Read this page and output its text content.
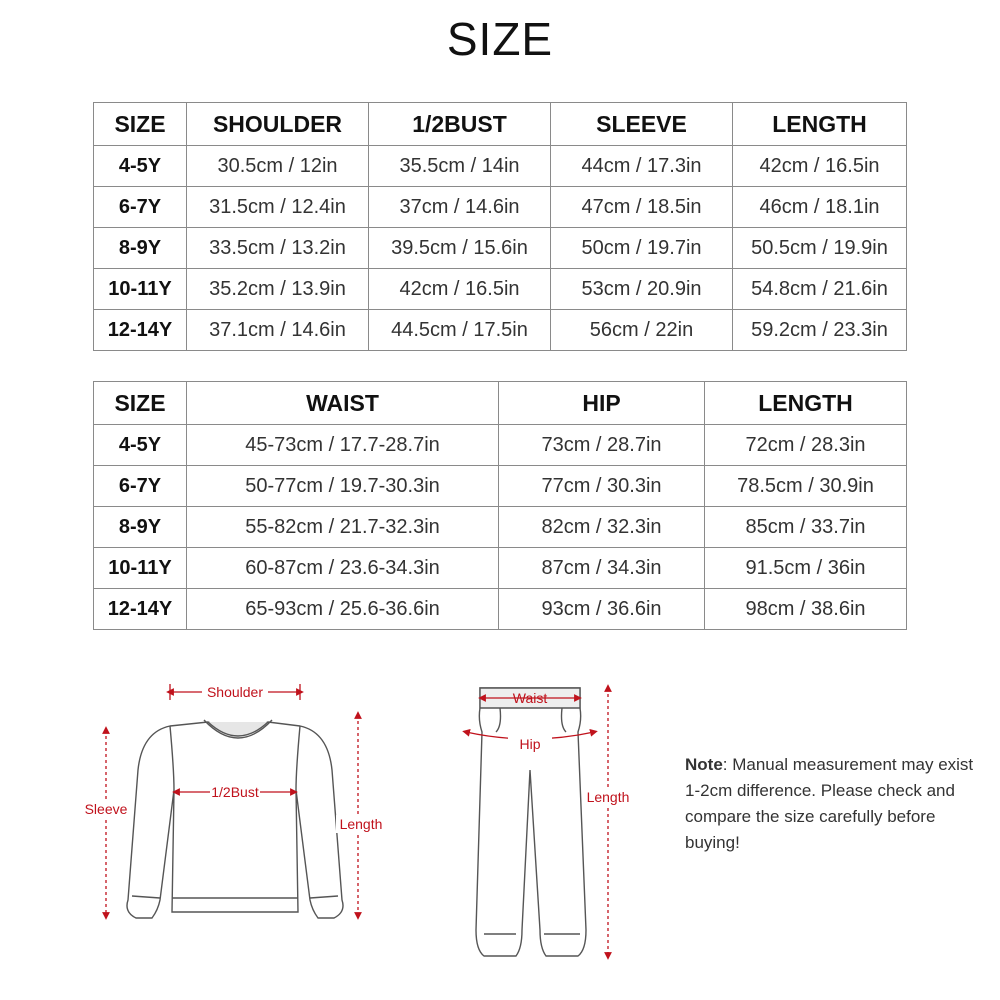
SIZE
SIZE	SHOULDER	1/2BUST	SLEEVE	LENGTH
4-5Y	30.5cm / 12in	35.5cm / 14in	44cm / 17.3in	42cm / 16.5in
6-7Y	31.5cm / 12.4in	37cm / 14.6in	47cm / 18.5in	46cm / 18.1in
8-9Y	33.5cm / 13.2in	39.5cm / 15.6in	50cm / 19.7in	50.5cm / 19.9in
10-11Y	35.2cm / 13.9in	42cm / 16.5in	53cm / 20.9in	54.8cm / 21.6in
12-14Y	37.1cm / 14.6in	44.5cm / 17.5in	56cm / 22in	59.2cm / 23.3in
SIZE	WAIST	HIP	LENGTH
4-5Y	45-73cm / 17.7-28.7in	73cm / 28.7in	72cm / 28.3in
6-7Y	50-77cm / 19.7-30.3in	77cm / 30.3in	78.5cm / 30.9in
8-9Y	55-82cm / 21.7-32.3in	82cm / 32.3in	85cm / 33.7in
10-11Y	60-87cm / 23.6-34.3in	87cm / 34.3in	91.5cm / 36in
12-14Y	65-93cm / 25.6-36.6in	93cm / 36.6in	98cm / 38.6in
Shoulder
1/2Bust
Sleeve
Length
Waist
Hip
Length
Note: Manual measurement may exist 1-2cm difference. Please check and compare the size carefully before buying!
